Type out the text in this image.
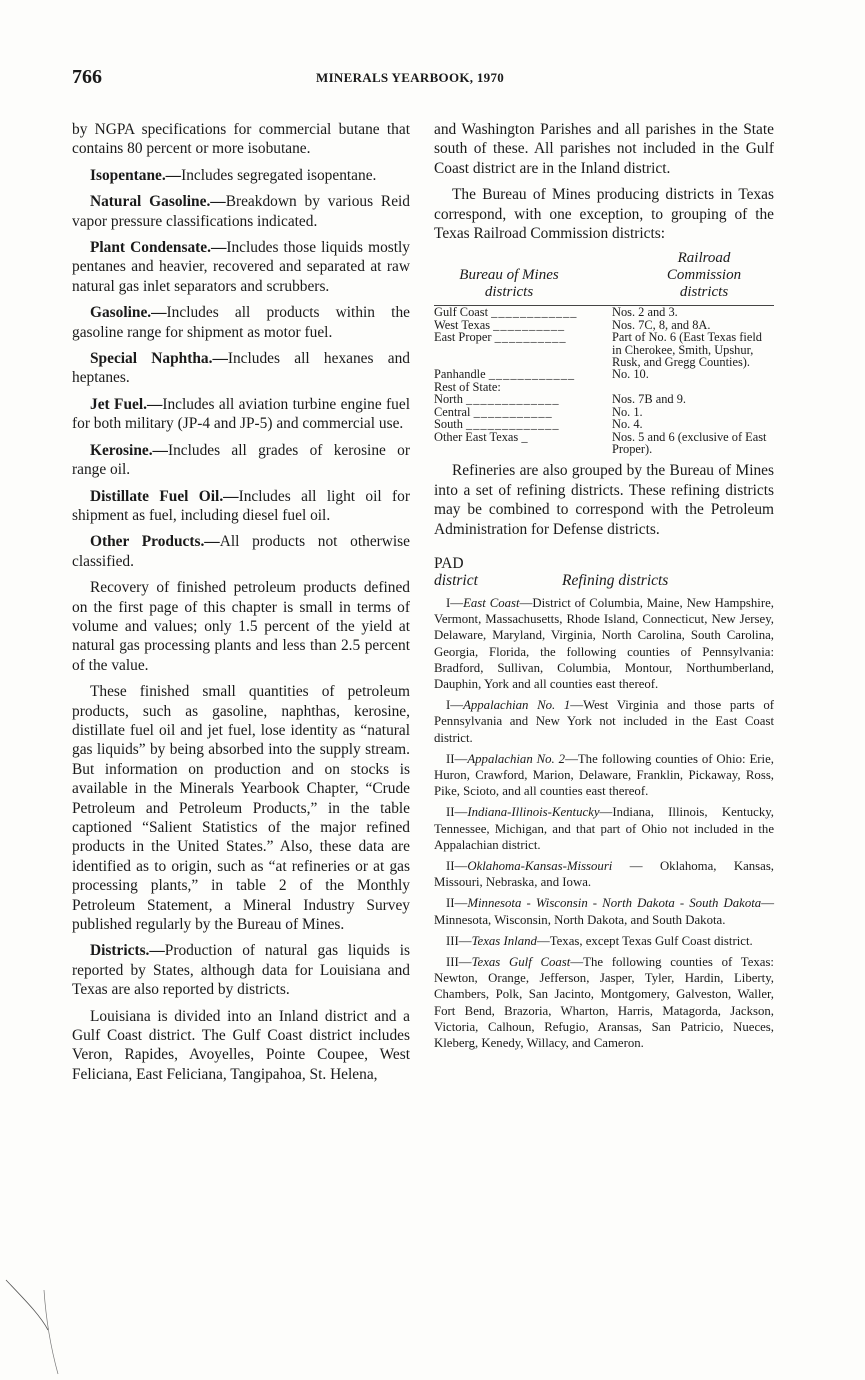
766	MINERALS YEARBOOK, 1970

by NGPA specifications for commercial butane that contains 80 percent or more isobutane.

Isopentane.—Includes segregated isopentane.

Natural Gasoline.—Breakdown by various Reid vapor pressure classifications indicated.

Plant Condensate.—Includes those liquids mostly pentanes and heavier, recovered and separated at raw natural gas inlet separators and scrubbers.

Gasoline.—Includes all products within the gasoline range for shipment as motor fuel.

Special Naphtha.—Includes all hexanes and heptanes.

Jet Fuel.—Includes all aviation turbine engine fuel for both military (JP-4 and JP-5) and commercial use.

Kerosine.—Includes all grades of kerosine or range oil.

Distillate Fuel Oil.—Includes all light oil for shipment as fuel, including diesel fuel oil.

Other Products.—All products not otherwise classified.

Recovery of finished petroleum products defined on the first page of this chapter is small in terms of volume and values; only 1.5 percent of the yield at natural gas processing plants and less than 2.5 percent of the value.

These finished small quantities of petroleum products, such as gasoline, naphthas, kerosine, distillate fuel oil and jet fuel, lose identity as “natural gas liquids” by being absorbed into the supply stream. But information on production and on stocks is available in the Minerals Yearbook Chapter, “Crude Petroleum and Petroleum Products,” in the table captioned “Salient Statistics of the major refined products in the United States.” Also, these data are identified as to origin, such as “at refineries or at gas processing plants,” in table 2 of the Monthly Petroleum Statement, a Mineral Industry Survey published regularly by the Bureau of Mines.

Districts.—Production of natural gas liquids is reported by States, although data for Louisiana and Texas are also reported by districts.

Louisiana is divided into an Inland district and a Gulf Coast district. The Gulf Coast district includes Veron, Rapides, Avoyelles, Pointe Coupee, West Feliciana, East Feliciana, Tangipahoa, St. Helena,

and Washington Parishes and all parishes in the State south of these. All parishes not included in the Gulf Coast district are in the Inland district.

The Bureau of Mines producing districts in Texas correspond, with one exception, to grouping of the Texas Railroad Commission districts:

Bureau of Mines
districts
Railroad
Commission
districts
Gulf Coast ____________	Nos. 2 and 3.
West Texas __________	Nos. 7C, 8, and 8A.
East Proper __________	Part of No. 6 (East Texas field in Cherokee, Smith, Upshur, Rusk, and Gregg Counties).
Panhandle ____________	No. 10.
Rest of State:	
North _____________	Nos. 7B and 9.
Central ___________	No. 1.
South _____________	No. 4.
Other East Texas _	Nos. 5 and 6 (exclusive of East Proper).

Refineries are also grouped by the Bureau of Mines into a set of refining districts. These refining districts may be combined to correspond with the Petroleum Administration for Defense districts.

PAD
district	Refining districts

I—East Coast—District of Columbia, Maine, New Hampshire, Vermont, Massachusetts, Rhode Island, Connecticut, New Jersey, Delaware, Maryland, Virginia, North Carolina, South Carolina, Georgia, Florida, the following counties of Pennsylvania: Bradford, Sullivan, Columbia, Montour, Northumberland, Dauphin, York and all counties east thereof.

I—Appalachian No. 1—West Virginia and those parts of Pennsylvania and New York not included in the East Coast district.

II—Appalachian No. 2—The following counties of Ohio: Erie, Huron, Crawford, Marion, Delaware, Franklin, Pickaway, Ross, Pike, Scioto, and all counties east thereof.

II—Indiana-Illinois-Kentucky—Indiana, Illinois, Kentucky, Tennessee, Michigan, and that part of Ohio not included in the Appalachian district.

II—Oklahoma-Kansas-Missouri — Oklahoma, Kansas, Missouri, Nebraska, and Iowa.

II—Minnesota - Wisconsin - North Dakota - South Dakota—Minnesota, Wisconsin, North Dakota, and South Dakota.

III—Texas Inland—Texas, except Texas Gulf Coast district.

III—Texas Gulf Coast—The following counties of Texas: Newton, Orange, Jefferson, Jasper, Tyler, Hardin, Liberty, Chambers, Polk, San Jacinto, Montgomery, Galveston, Waller, Fort Bend, Brazoria, Wharton, Harris, Matagorda, Jackson, Victoria, Calhoun, Refugio, Aransas, San Patricio, Nueces, Kleberg, Kenedy, Willacy, and Cameron.
